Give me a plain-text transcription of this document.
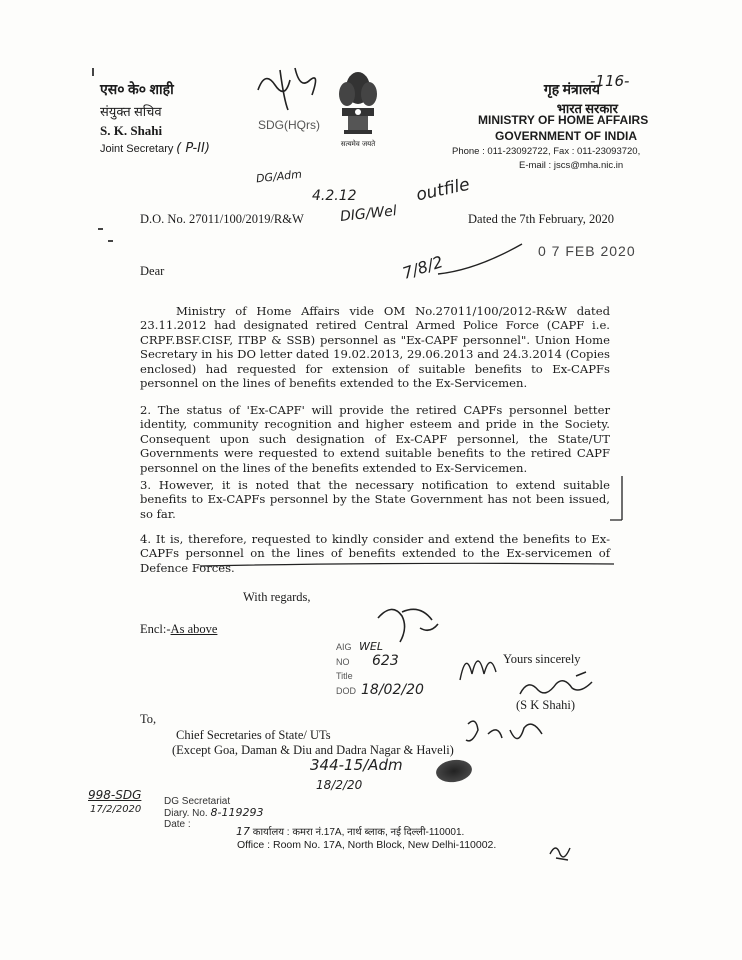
एस० के० शाही
संयुक्त सचिव
S. K. Shahi
Joint Secretary ( P-II)
SDG(HQrs)
DG/Adm
4.2.12	outfile
सत्यमेव जयते
-116-
गृह मंत्रालय
भारत सरकार
MINISTRY OF HOME AFFAIRS
GOVERNMENT OF INDIA
Phone : 011-23092722, Fax : 011-23093720,
E-mail : jscs@mha.nic.in
D.O. No. 27011/100/2019/R&W	DIG/Wel	Dated the 7th February, 2020
0 7 FEB 2020
7/8/2
Dear

Ministry of Home Affairs vide OM No.27011/100/2012-R&W dated 23.11.2012 had designated retired Central Armed Police Force (CAPF i.e. CRPF.BSF.CISF, ITBP & SSB) personnel as "Ex-CAPF personnel". Union Home Secretary in his DO letter dated 19.02.2013, 29.06.2013 and 24.3.2014 (Copies enclosed) had requested for extension of suitable benefits to Ex-CAPFs personnel on the lines of benefits extended to the Ex-Servicemen.

2. The status of 'Ex-CAPF' will provide the retired CAPFs personnel better identity, community recognition and higher esteem and pride in the Society. Consequent upon such designation of Ex-CAPF personnel, the State/UT Governments were requested to extend suitable benefits to the retired CAPF personnel on the lines of the benefits extended to Ex-Servicemen.

3. However, it is noted that the necessary notification to extend suitable benefits to Ex-CAPFs personnel by the State Government has not been issued, so far.

4. It is, therefore, requested to kindly consider and extend the benefits to Ex-CAPFs personnel on the lines of benefits extended to the Ex-servicemen of Defence Forces.

With regards,
Encl:-As above
AIG WEL
NO 623
Title
DOD 18/02/20
Yours sincerely
(S K Shahi)
To,
Chief Secretaries of State/ UTs
(Except Goa, Daman & Diu and Dadra Nagar & Haveli)
344-15/Adm
18/2/20
998-SDG
17/2/2020
DG Secretariat
Diary. No. 8-119293
Date :
17 कार्यालय : कमरा नं.17A, नार्थ ब्लाक, नई दिल्ली-110001.
Office : Room No. 17A, North Block, New Delhi-110002.
